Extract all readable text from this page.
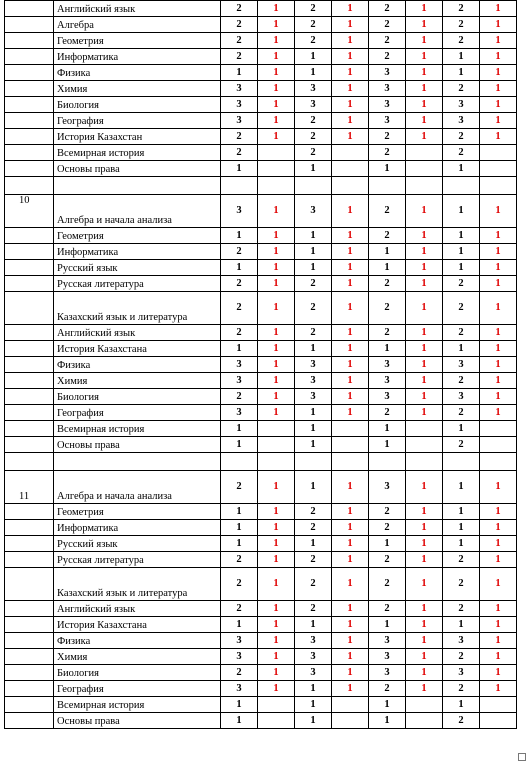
	Английский язык	2	1	2	1	2	1	2	1
	Алгебра	2	1	2	1	2	1	2	1
	Геометрия	2	1	2	1	2	1	2	1
	Информатика	2	1	1	1	2	1	1	1
	Физика	1	1	1	1	3	1	1	1
	Химия	3	1	3	1	3	1	2	1
	Биология	3	1	3	1	3	1	3	1
	География	3	1	2	1	3	1	3	1
	История Казахстан	2	1	2	1	2	1	2	1
	Всемирная история	2		2		2		2	
	Основы права	1		1		1		1	

10	Алгебра и начала анализа	3	1	3	1	2	1	1	1
	Геометрия	1	1	1	1	2	1	1	1
	Информатика	2	1	1	1	1	1	1	1
	Русский язык	1	1	1	1	1	1	1	1
	Русская литература	2	1	2	1	2	1	2	1
	Казахский язык и литература	2	1	2	1	2	1	2	1
	Английский язык	2	1	2	1	2	1	2	1
	История Казахстана	1	1	1	1	1	1	1	1
	Физика	3	1	3	1	3	1	3	1
	Химия	3	1	3	1	3	1	2	1
	Биология	2	1	3	1	3	1	3	1
	География	3	1	1	1	2	1	2	1
	Всемирная история	1		1		1		1	
	Основы права	1		1		1		2	

11	Алгебра и начала анализа	2	1	1	1	3	1	1	1
	Геометрия	1	1	2	1	2	1	1	1
	Информатика	1	1	2	1	2	1	1	1
	Русский язык	1	1	1	1	1	1	1	1
	Русская литература	2	1	2	1	2	1	2	1
	Казахский язык и литература	2	1	2	1	2	1	2	1
	Английский язык	2	1	2	1	2	1	2	1
	История Казахстана	1	1	1	1	1	1	1	1
	Физика	3	1	3	1	3	1	3	1
	Химия	3	1	3	1	3	1	2	1
	Биология	2	1	3	1	3	1	3	1
	География	3	1	1	1	2	1	2	1
	Всемирная история	1		1		1		1	
	Основы права	1		1		1		2	
